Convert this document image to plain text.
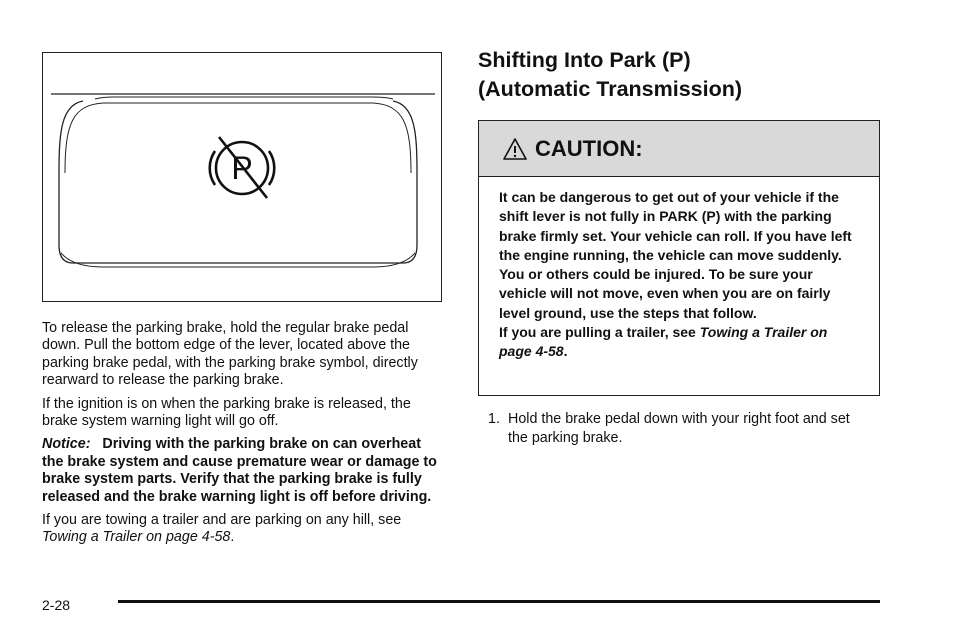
P

To release the parking brake, hold the regular brake pedal down. Pull the bottom edge of the lever, located above the parking brake pedal, with the parking brake symbol, directly rearward to release the parking brake.

If the ignition is on when the parking brake is released, the brake system warning light will go off.

Notice: Driving with the parking brake on can overheat the brake system and cause premature wear or damage to brake system parts. Verify that the parking brake is fully released and the brake warning light is off before driving.

If you are towing a trailer and are parking on any hill, see Towing a Trailer on page 4-58.

Shifting Into Park (P)
(Automatic Transmission)
CAUTION:
It can be dangerous to get out of your vehicle if the shift lever is not fully in PARK (P) with the parking brake firmly set. Your vehicle can roll. If you have left the engine running, the vehicle can move suddenly. You or others could be injured. To be sure your vehicle will not move, even when you are on fairly level ground, use the steps that follow.
If you are pulling a trailer, see Towing a Trailer on page 4-58.
1. Hold the brake pedal down with your right foot and set the parking brake.
2-28
